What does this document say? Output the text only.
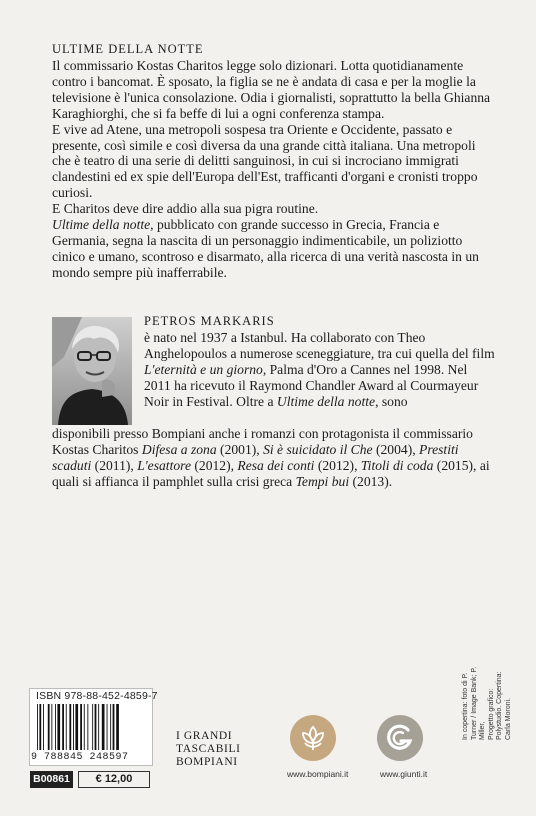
ULTIME DELLA NOTTE

Il commissario Kostas Charitos legge solo dizionari. Lotta quotidianamente contro i bancomat. È sposato, la figlia se ne è andata di casa e per la moglie la televisione è l'unica consolazione. Odia i giornalisti, soprattutto la bella Ghianna Karaghiorghi, che si fa beffe di lui a ogni conferenza stampa.

E vive ad Atene, una metropoli sospesa tra Oriente e Occidente, passato e presente, così simile e così diversa da una grande città italiana. Una metropoli che è teatro di una serie di delitti sanguinosi, in cui si incrociano immigrati clandestini ed ex spie dell'Europa dell'Est, trafficanti d'organi e cronisti troppo curiosi.

E Charitos deve dire addio alla sua pigra routine.

Ultime della notte, pubblicato con grande successo in Grecia, Francia e Germania, segna la nascita di un personaggio indimenticabile, un poliziotto cinico e umano, scontroso e disarmato, alla ricerca di una verità nascosta in un mondo sempre più inafferrabile.

PETROS MARKARIS
è nato nel 1937 a Istanbul. Ha collaborato con Theo Anghelopoulos a numerose sceneggiature, tra cui quella del film L'eternità e un giorno, Palma d'Oro a Cannes nel 1998. Nel 2011 ha ricevuto il Raymond Chandler Award al Courmayeur Noir in Festival. Oltre a Ultime della notte, sono
disponibili presso Bompiani anche i romanzi con protagonista il commissario Kostas Charitos Difesa a zona (2001), Si è suicidato il Che (2004), Prestiti scaduti (2011), L'esattore (2012), Resa dei conti (2012), Titoli di coda (2015), ai quali si affianca il pamphlet sulla crisi greca Tempi bui (2013).
ISBN 978-88-452-4859-7
9 788845 248597
B00861	€ 12,00
I GRANDI
TASCABILI
BOMPIANI
www.bompiani.it	www.giunti.it
In copertina: foto di P. Turner / Image Bank; P. Miller, Progetto grafico: Polystudio. Copertina: Carla Moroni.
